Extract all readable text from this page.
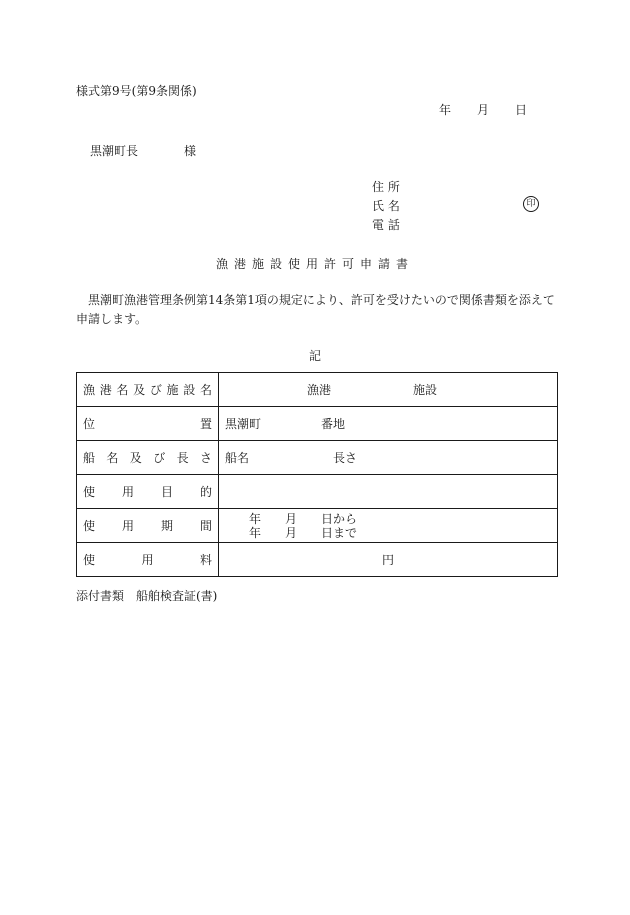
様式第9号(第9条関係)
年 月 日
黒潮町長	様
住 所
氏 名
電 話
印
漁港施設使用許可申請書
黒潮町漁港管理条例第14条第1項の規定により、許可を受けたいので関係書類を添えて申請します。
記
漁港名及び施設名	漁港 施設
位置	黒潮町 番地
船名及び長さ	船名 長さ
使用目的	
使用期間	年　　月　　日から
年　　月　　日まで

使用料	円
添付書類　船舶検査証(書)
